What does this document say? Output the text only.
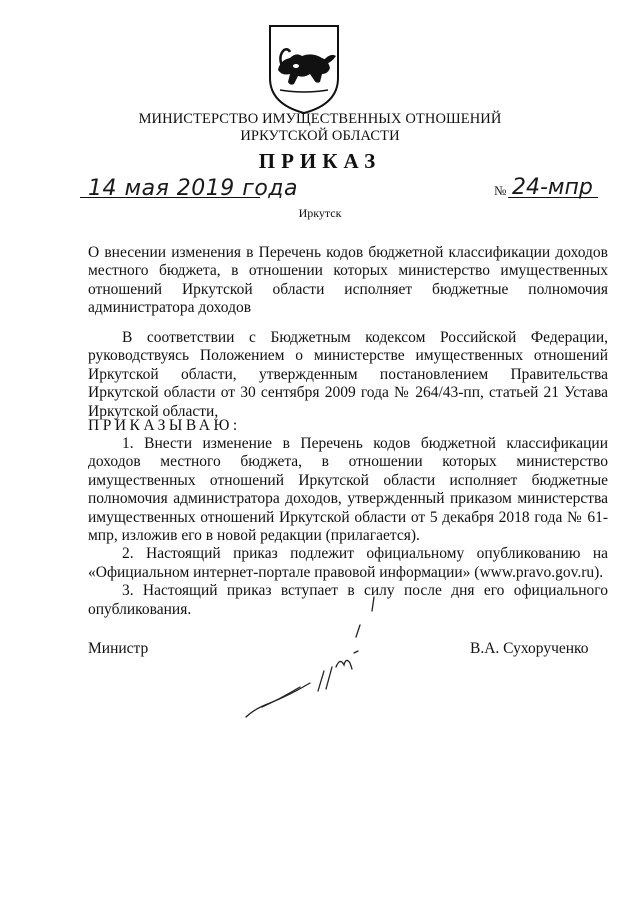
МИНИСТЕРСТВО ИМУЩЕСТВЕННЫХ ОТНОШЕНИЙ
ИРКУТСКОЙ ОБЛАСТИ
ПРИКАЗ
14 мая 2019 года	№ 24-мпр
Иркутск
О внесении изменения в Перечень кодов бюджетной классификации доходов местного бюджета, в отношении которых министерство имущественных отношений Иркутской области исполняет бюджетные полномочия администратора доходов
В соответствии с Бюджетным кодексом Российской Федерации, руководствуясь Положением о министерстве имущественных отношений Иркутской области, утвержденным постановлением Правительства Иркутской области от 30 сентября 2009 года № 264/43-пп, статьей 21 Устава Иркутской области,
ПРИКАЗЫВАЮ:
1. Внести изменение в Перечень кодов бюджетной классификации доходов местного бюджета, в отношении которых министерство имущественных отношений Иркутской области исполняет бюджетные полномочия администратора доходов, утвержденный приказом министерства имущественных отношений Иркутской области от 5 декабря 2018 года № 61-мпр, изложив его в новой редакции (прилагается).
2. Настоящий приказ подлежит официальному опубликованию на «Официальном интернет-портале правовой информации» (www.pravo.gov.ru).
3. Настоящий приказ вступает в силу после дня его официального опубликования.
Министр	В.А. Сухорученко
